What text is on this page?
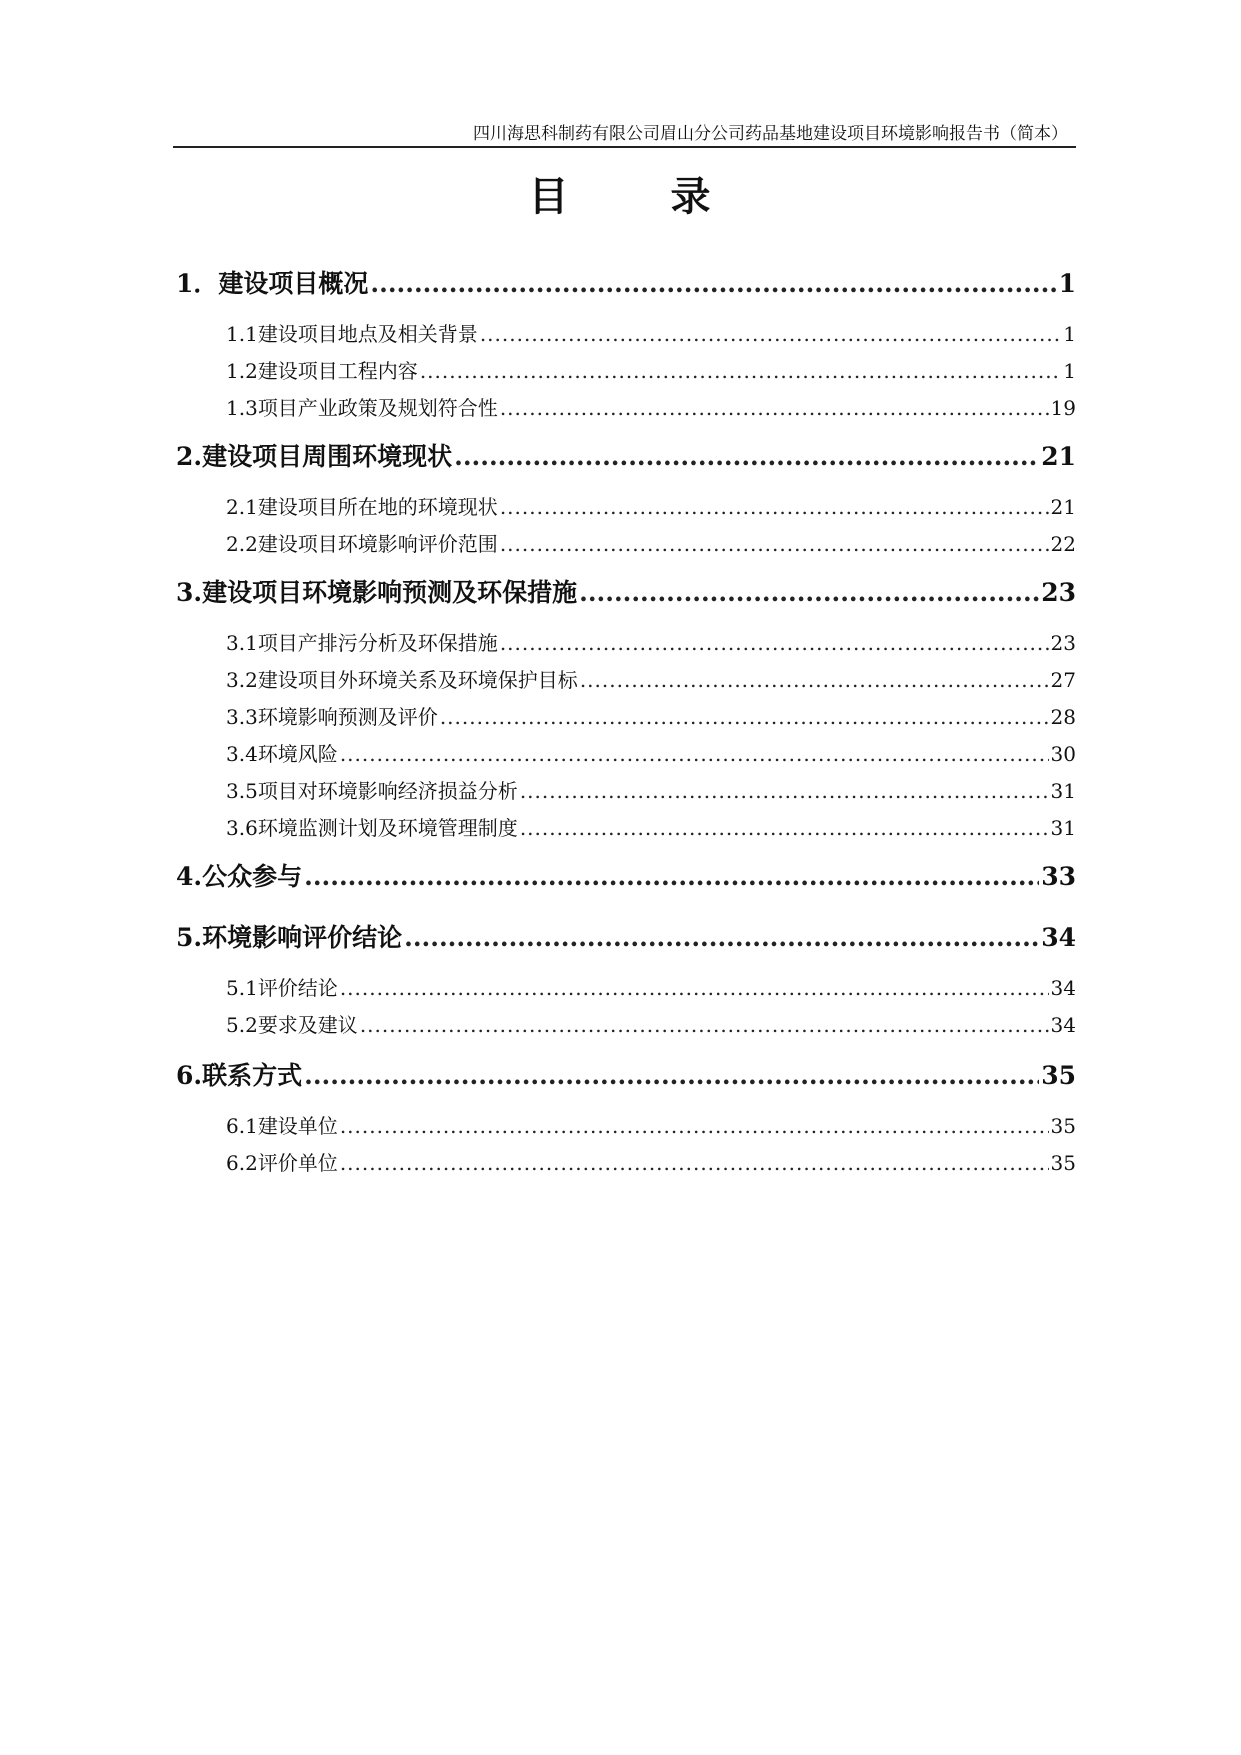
四川海思科制药有限公司眉山分公司药品基地建设项目环境影响报告书（简本）
目	录
1． 建设项目概况 .....	1
1.1 建设项目地点及相关背景 .....	1
1.2 建设项目工程内容 .....	1
1.3 项目产业政策及规划符合性 .....	19
2. 建设项目周围环境现状 .....	21
2.1 建设项目所在地的环境现状 .....	21
2.2 建设项目环境影响评价范围 .....	22
3. 建设项目环境影响预测及环保措施 .....	23
3.1 项目产排污分析及环保措施 .....	23
3.2 建设项目外环境关系及环境保护目标 .....	27
3.3 环境影响预测及评价 .....	28
3.4 环境风险 .....	30
3.5 项目对环境影响经济损益分析 .....	31
3.6 环境监测计划及环境管理制度 .....	31
4. 公众参与 .....	33
5. 环境影响评价结论 .....	34
5.1 评价结论 .....	34
5.2 要求及建议 .....	34
6. 联系方式 .....	35
6.1 建设单位 .....	35
6.2 评价单位 .....	35
